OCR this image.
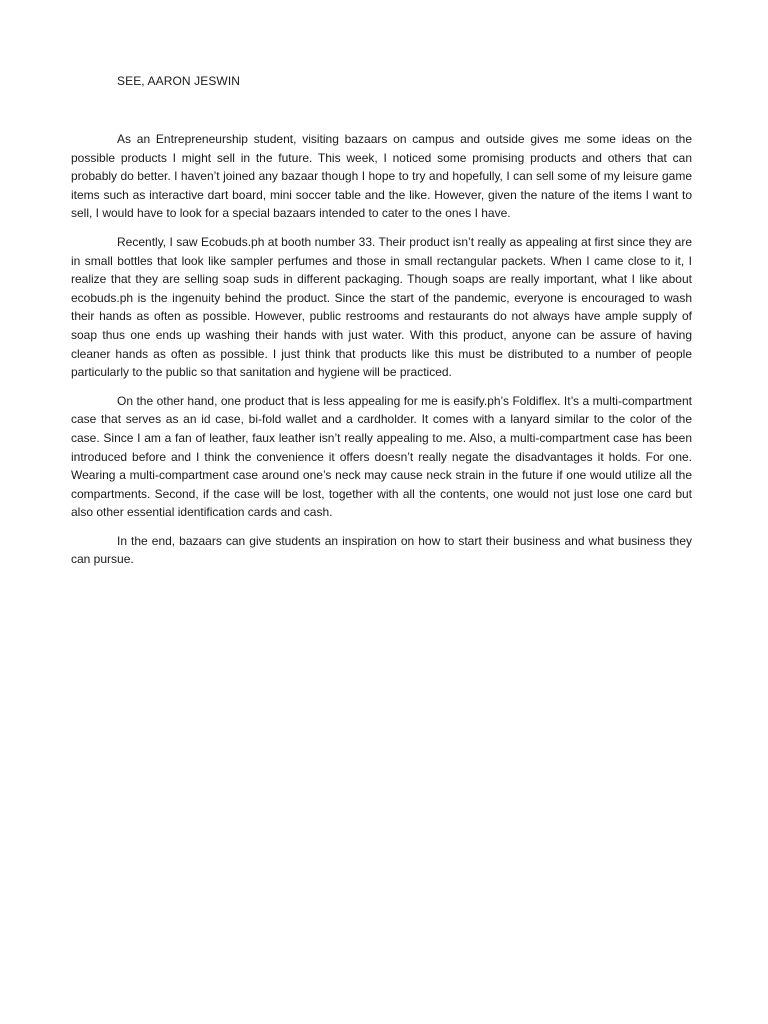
SEE, AARON JESWIN

As an Entrepreneurship student, visiting bazaars on campus and outside gives me some ideas on the possible products I might sell in the future. This week, I noticed some promising products and others that can probably do better. I haven’t joined any bazaar though I hope to try and hopefully, I can sell some of my leisure game items such as interactive dart board, mini soccer table and the like. However, given the nature of the items I want to sell, I would have to look for a special bazaars intended to cater to the ones I have.

Recently, I saw Ecobuds.ph at booth number 33. Their product isn’t really as appealing at first since they are in small bottles that look like sampler perfumes and those in small rectangular packets. When I came close to it, I realize that they are selling soap suds in different packaging. Though soaps are really important, what I like about ecobuds.ph is the ingenuity behind the product. Since the start of the pandemic, everyone is encouraged to wash their hands as often as possible. However, public restrooms and restaurants do not always have ample supply of soap thus one ends up washing their hands with just water. With this product, anyone can be assure of having cleaner hands as often as possible. I just think that products like this must be distributed to a number of people particularly to the public so that sanitation and hygiene will be practiced.

On the other hand, one product that is less appealing for me is easify.ph’s Foldiflex. It’s a multi-compartment case that serves as an id case, bi-fold wallet and a cardholder. It comes with a lanyard similar to the color of the case. Since I am a fan of leather, faux leather isn’t really appealing to me. Also, a multi-compartment case has been introduced before and I think the convenience it offers doesn’t really negate the disadvantages it holds. For one. Wearing a multi-compartment case around one’s neck may cause neck strain in the future if one would utilize all the compartments. Second, if the case will be lost, together with all the contents, one would not just lose one card but also other essential identification cards and cash.

In the end, bazaars can give students an inspiration on how to start their business and what business they can pursue.
